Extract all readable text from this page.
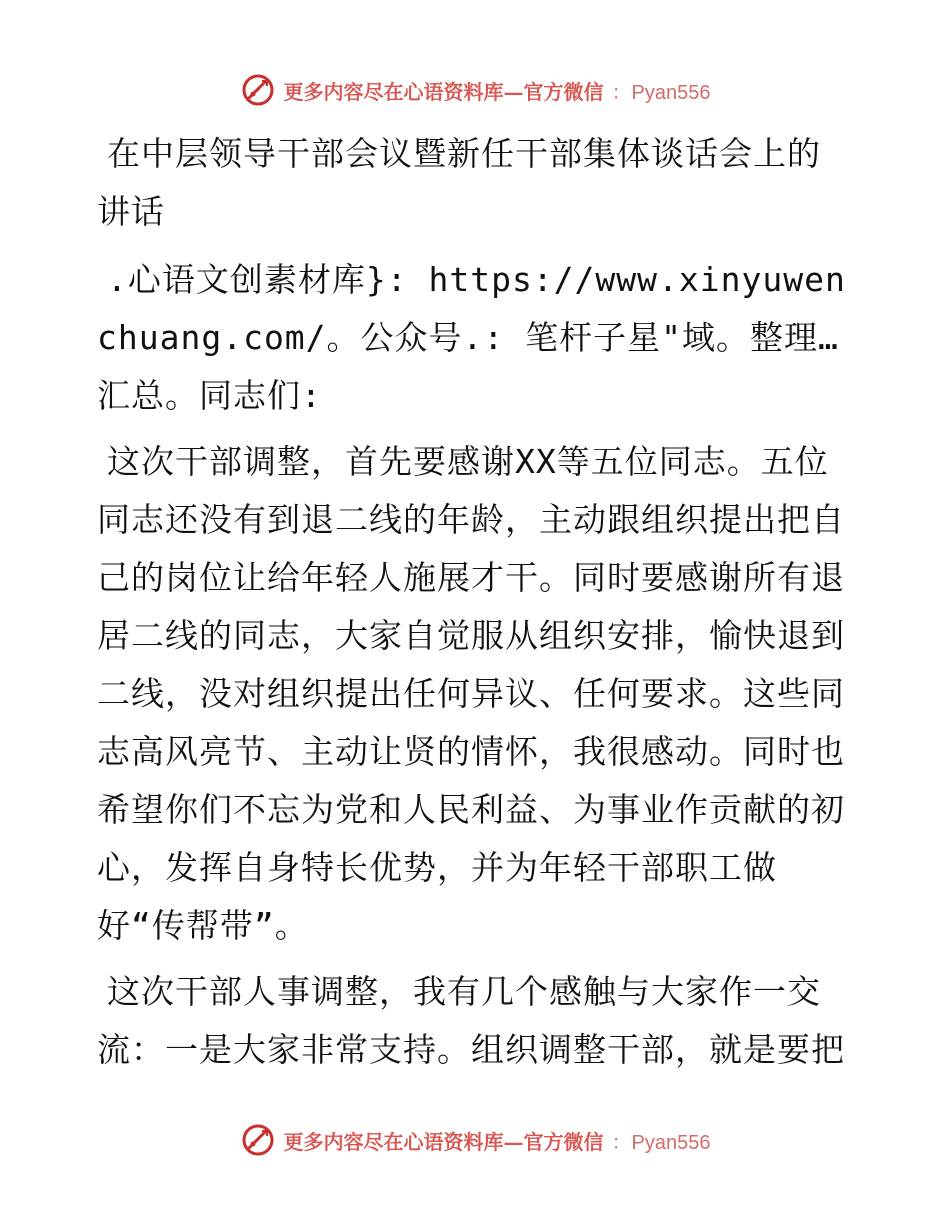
更多内容尽在心语资料库—官方微信 ：Pyan556

在中层领导干部会议暨新任干部集体谈话会上的讲话

.心语文创素材库}: https://www.xinyuwenchuang.com/。公众号.: 笔杆子星"域。整理…汇总。同志们:

这次干部调整，首先要感谢XX等五位同志。五位同志还没有到退二线的年龄，主动跟组织提出把自己的岗位让给年轻人施展才干。同时要感谢所有退居二线的同志，大家自觉服从组织安排，愉快退到二线，没对组织提出任何异议、任何要求。这些同志高风亮节、主动让贤的情怀，我很感动。同时也希望你们不忘为党和人民利益、为事业作贡献的初心，发挥自身特长优势，并为年轻干部职工做好“传帮带”。

这次干部人事调整，我有几个感触与大家作一交流：一是大家非常支持。组织调整干部，就是要把

更多内容尽在心语资料库—官方微信 ：Pyan556
